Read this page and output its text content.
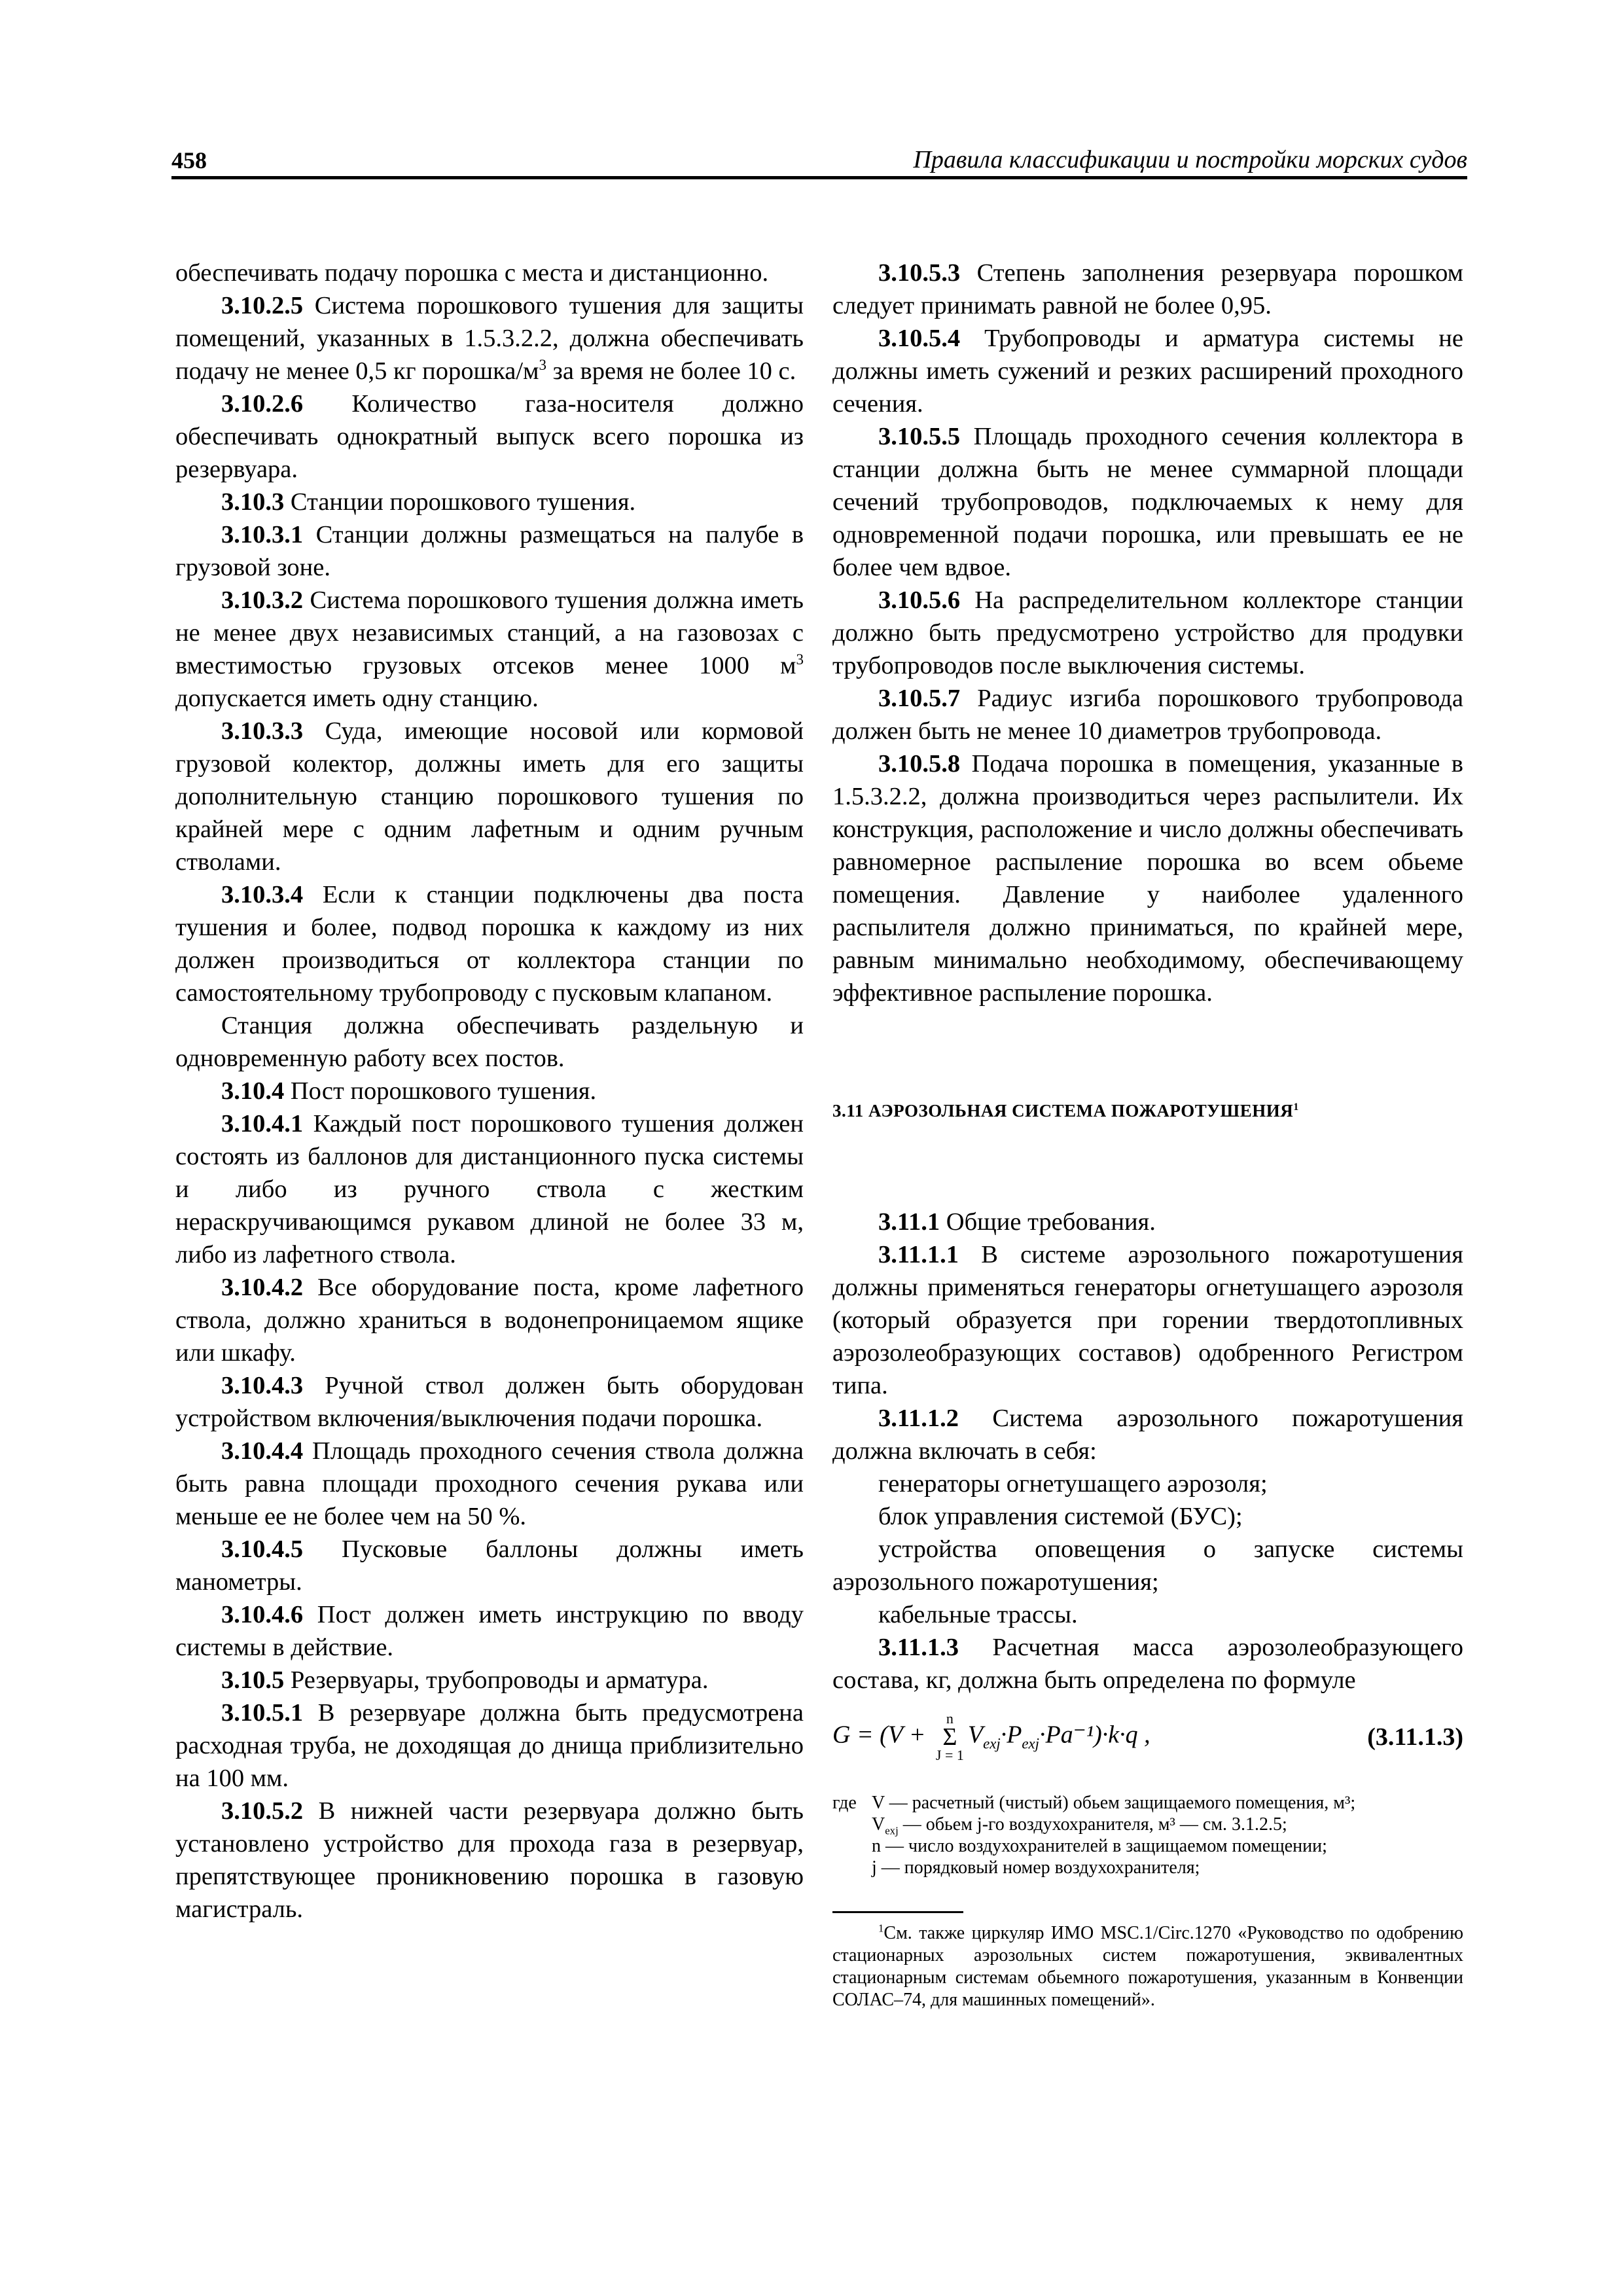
458	Правила классификации и постройки морских судов

обеспечивать подачу порошка с места и дистанционно.

3.10.2.5 Система порошкового тушения для защиты помещений, указанных в 1.5.3.2.2, должна обеспечивать подачу не менее 0,5 кг порошка/$м^3$ за время не более 10 с.

3.10.2.6 Количество газа-носителя должно обеспечивать однократный выпуск всего порошка из резервуара.

3.10.3 Станции порошкового тушения.

3.10.3.1 Станции должны размещаться на палубе в грузовой зоне.

3.10.3.2 Система порошкового тушения должна иметь не менее двух независимых станций, а на газовозах с вместимостью грузовых отсеков менее 1000 $м^3$ допускается иметь одну станцию.

3.10.3.3 Суда, имеющие носовой или кормовой грузовой колектор, должны иметь для его защиты дополнительную станцию порошкового тушения по крайней мере с одним лафетным и одним ручным стволами.

3.10.3.4 Если к станции подключены два поста тушения и более, подвод порошка к каждому из них должен производиться от коллектора станции по самостоятельному трубопроводу с пусковым клапаном.

Станция должна обеспечивать раздельную и одновременную работу всех постов.

3.10.4 Пост порошкового тушения.

3.10.4.1 Каждый пост порошкового тушения должен состоять из баллонов для дистанционного пуска системы и либо из ручного ствола с жестким нераскручивающимся рукавом длиной не более 33 м, либо из лафетного ствола.

3.10.4.2 Все оборудование поста, кроме лафетного ствола, должно храниться в водонепроницаемом ящике или шкафу.

3.10.4.3 Ручной ствол должен быть оборудован устройством включения/выключения подачи порошка.

3.10.4.4 Площадь проходного сечения ствола должна быть равна площади проходного сечения рукава или меньше ее не более чем на 50 %.

3.10.4.5 Пусковые баллоны должны иметь манометры.

3.10.4.6 Пост должен иметь инструкцию по вводу системы в действие.

3.10.5 Резервуары, трубопроводы и арматура.

3.10.5.1 В резервуаре должна быть предусмотрена расходная труба, не доходящая до днища приблизительно на 100 мм.

3.10.5.2 В нижней части резервуара должно быть установлено устройство для прохода газа в резервуар, препятствующее проникновению порошка в газовую магистраль.

3.10.5.3 Степень заполнения резервуара порошком следует принимать равной не более 0,95.

3.10.5.4 Трубопроводы и арматура системы не должны иметь сужений и резких расширений проходного сечения.

3.10.5.5 Площадь проходного сечения коллектора в станции должна быть не менее суммарной площади сечений трубопроводов, подключаемых к нему для одновременной подачи порошка, или превышать ее не более чем вдвое.

3.10.5.6 На распределительном коллекторе станции должно быть предусмотрено устройство для продувки трубопроводов после выключения системы.

3.10.5.7 Радиус изгиба порошкового трубопровода должен быть не менее 10 диаметров трубопровода.

3.10.5.8 Подача порошка в помещения, указанные в 1.5.3.2.2, должна производиться через распылители. Их конструкция, расположение и число должны обеспечивать равномерное распыление порошка во всем обьеме помещения. Давление у наиболее удаленного распылителя должно приниматься, по крайней мере, равным минимально необходимому, обеспечивающему эффективное распыление порошка.

3.11 АЭРОЗОЛЬНАЯ СИСТЕМА ПОЖАРОТУШЕНИЯ$^1$

3.11.1 Общие требования.

3.11.1.1 В системе аэрозольного пожаротушения должны применяться генераторы огнетушащего аэрозоля (который образуется при горении твердотопливных аэрозолеобразующих составов) одобренного Регистром типа.

3.11.1.2 Система аэрозольного пожаротушения должна включать в себя:

генераторы огнетушащего аэрозоля;

блок управления системой (БУС);

устройства оповещения о запуске системы аэрозольного пожаротушения;

кабельные трассы.

3.11.1.3 Расчетная масса аэрозолеобразующего состава, кг, должна быть определена по формуле

G = (V +
n
Σ
J = 1
$V_{exj}\cdot P_{exj}\cdot Pa^{-1})\cdot k\cdot q$ ,	(3.11.1.3)
где V — расчетный (чистый) обьем защищаемого помещения, м³;
$V_{exj}$ — обьем j-го воздухохранителя, м³ — см. 3.1.2.5;
n — число воздухохранителей в защищаемом помещении;
j — порядковый номер воздухохранителя;

$^1$См. также циркуляр ИМО MSC.1/Circ.1270 «Руководство по одобрению стационарных аэрозольных систем пожаротушения, эквивалентных стационарным системам обьемного пожаротушения, указанным в Конвенции СОЛАС–74, для машинных помещений».
